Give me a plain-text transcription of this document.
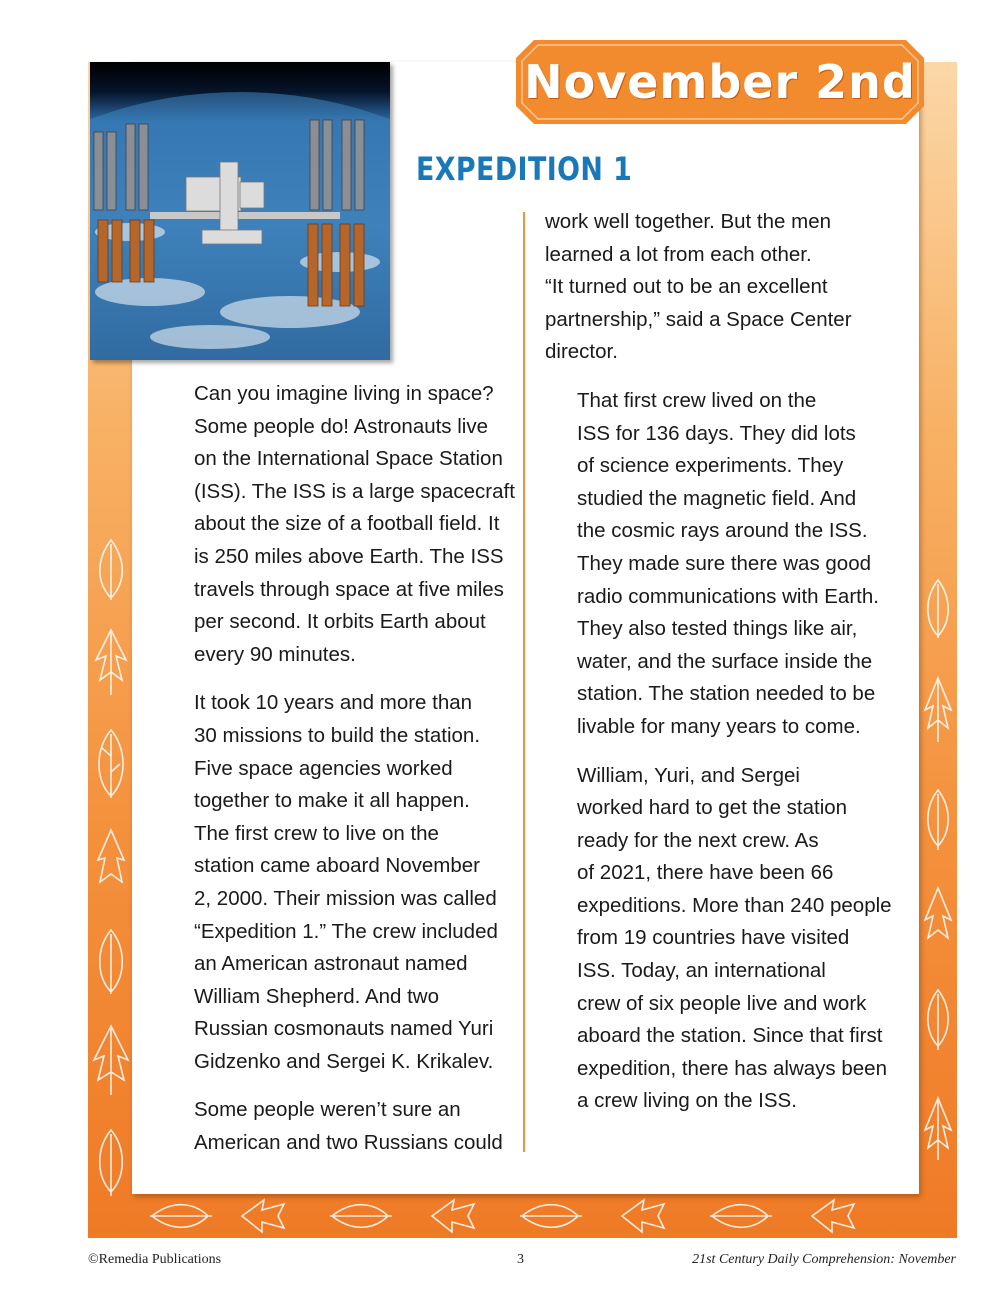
November 2nd
EXPEDITION 1

Can you imagine living in space?
Some people do! Astronauts live
on the International Space Station
(ISS). The ISS is a large spacecraft
about the size of a football field. It
is 250 miles above Earth. The ISS
travels through space at five miles
per second. It orbits Earth about
every 90 minutes.

It took 10 years and more than
30 missions to build the station.
Five space agencies worked
together to make it all happen.
The first crew to live on the
station came aboard November
2, 2000. Their mission was called
“Expedition 1.” The crew included
an American astronaut named
William Shepherd. And two
Russian cosmonauts named Yuri
Gidzenko and Sergei K. Krikalev.

Some people weren’t sure an
American and two Russians could

work well together. But the men
learned a lot from each other.
“It turned out to be an excellent
partnership,” said a Space Center
director.

That first crew lived on the
ISS for 136 days. They did lots
of science experiments. They
studied the magnetic field. And
the cosmic rays around the ISS.
They made sure there was good
radio communications with Earth.
They also tested things like air,
water, and the surface inside the
station. The station needed to be
livable for many years to come.

William, Yuri, and Sergei
worked hard to get the station
ready for the next crew. As
of 2021, there have been 66
expeditions. More than 240 people
from 19 countries have visited
ISS. Today, an international
crew of six people live and work
aboard the station. Since that first
expedition, there has always been
a crew living on the ISS.

©Remedia Publications	3	21st Century Daily Comprehension: November
